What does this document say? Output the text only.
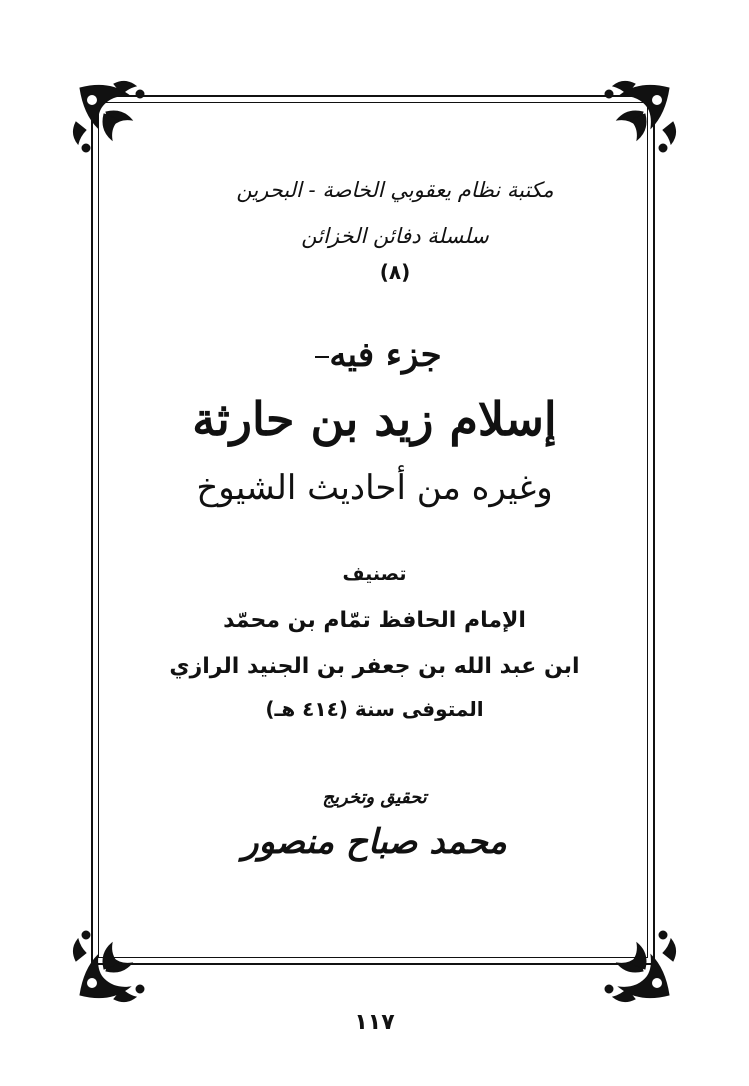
مكتبة نظام يعقوبي الخاصة - البحرين
سلسلة دفائن الخزائن
(٨)
جزء فيه
إسلام زيد بن حارثة
وغيره من أحاديث الشيوخ
تصنيف
الإمام الحافظ تمّام بن محمّد
ابن عبد الله بن جعفر بن الجنيد الرازي
المتوفى سنة (٤١٤ هـ)
تحقيق وتخريج
محمد صباح منصور
١١٧
